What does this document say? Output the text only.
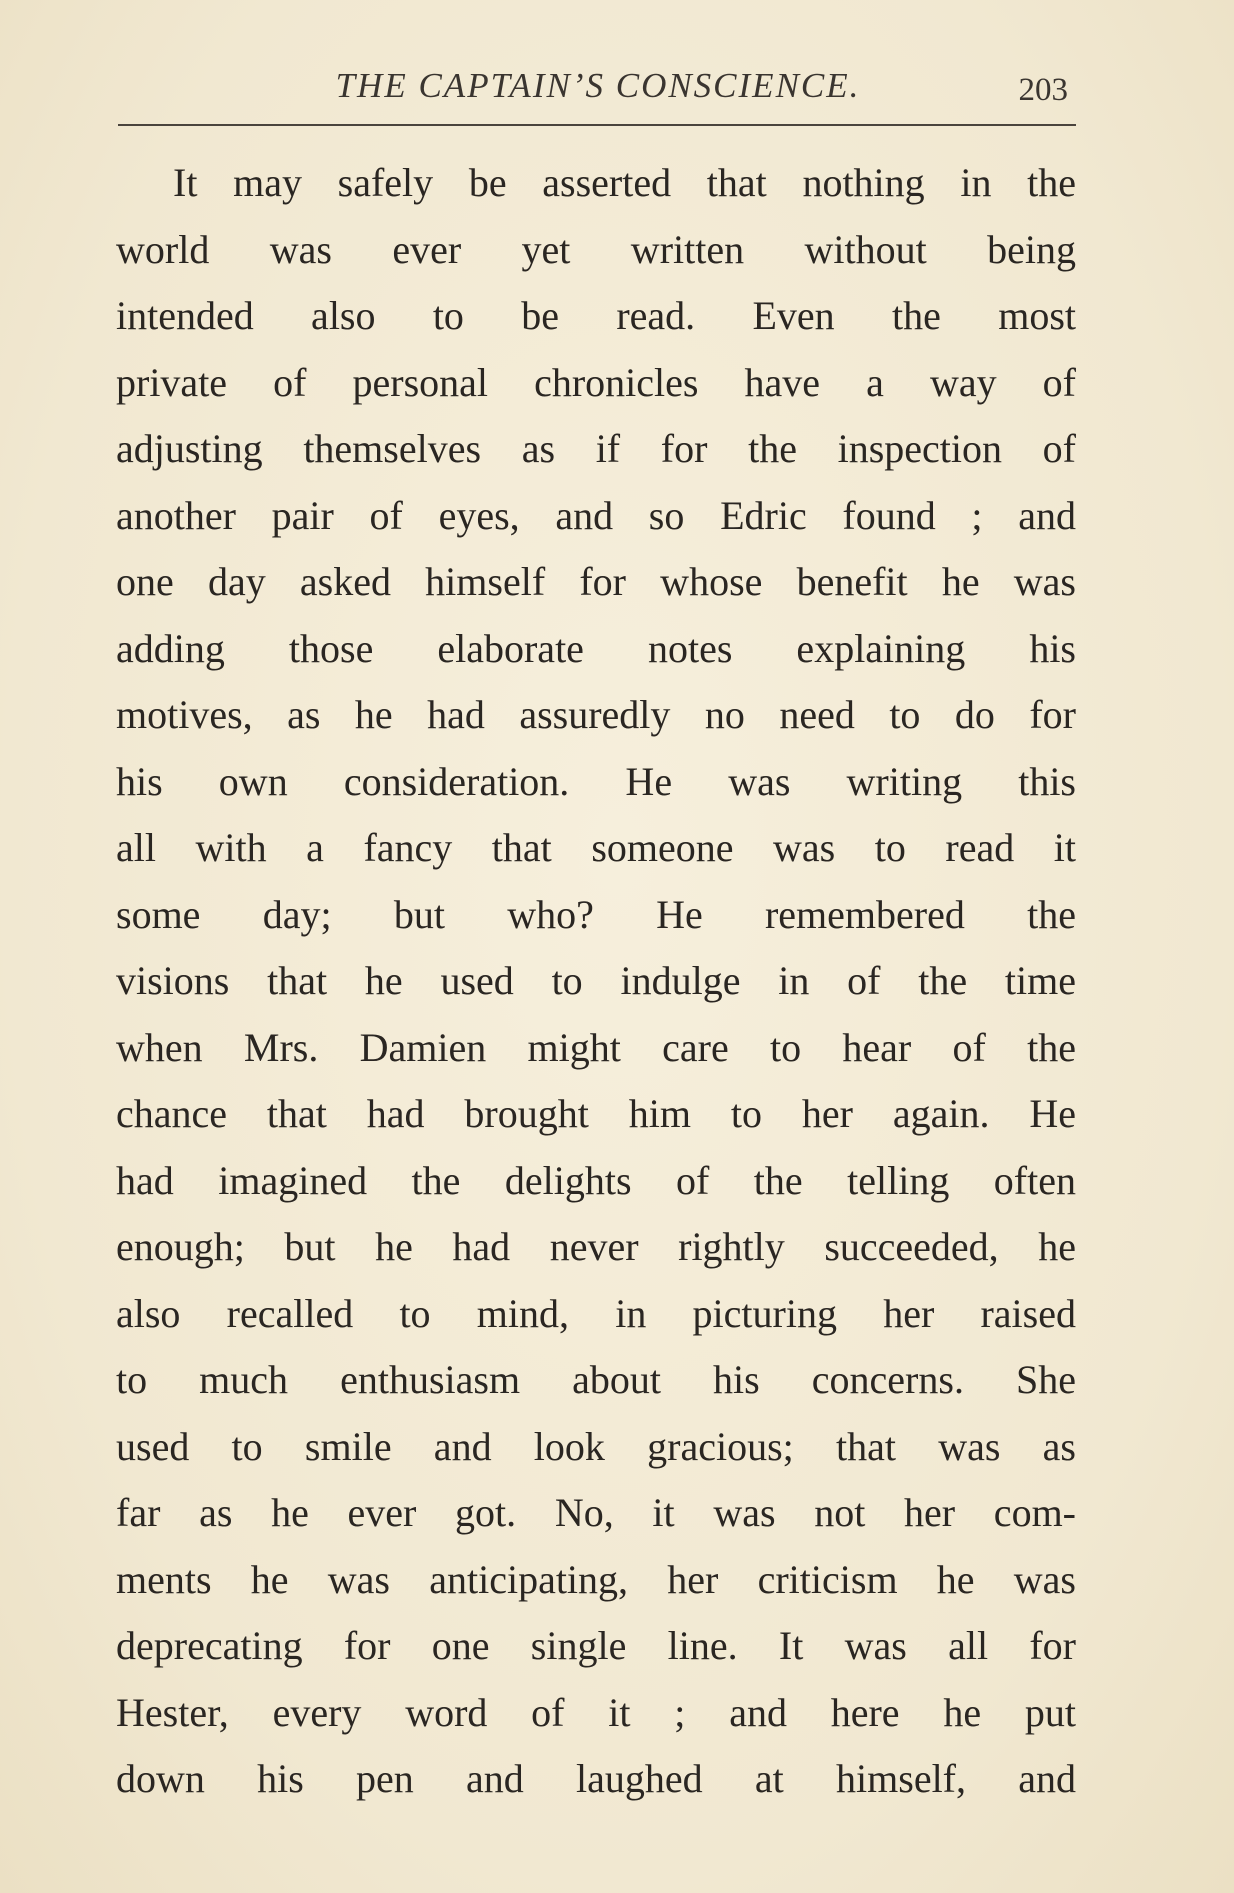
THE CAPTAIN’S CONSCIENCE.	203
It may safely be asserted that nothing in the
world was ever yet written without being
intended also to be read. Even the most
private of personal chronicles have a way of
adjusting themselves as if for the inspection of
another pair of eyes, and so Edric found ; and
one day asked himself for whose benefit he was
adding those elaborate notes explaining his
motives, as he had assuredly no need to do for
his own consideration. He was writing this
all with a fancy that someone was to read it
some day; but who? He remembered the
visions that he used to indulge in of the time
when Mrs. Damien might care to hear of the
chance that had brought him to her again. He
had imagined the delights of the telling often
enough; but he had never rightly succeeded, he
also recalled to mind, in picturing her raised
to much enthusiasm about his concerns. She
used to smile and look gracious; that was as
far as he ever got. No, it was not her com-
ments he was anticipating, her criticism he was
deprecating for one single line. It was all for
Hester, every word of it ; and here he put
down his pen and laughed at himself, and
